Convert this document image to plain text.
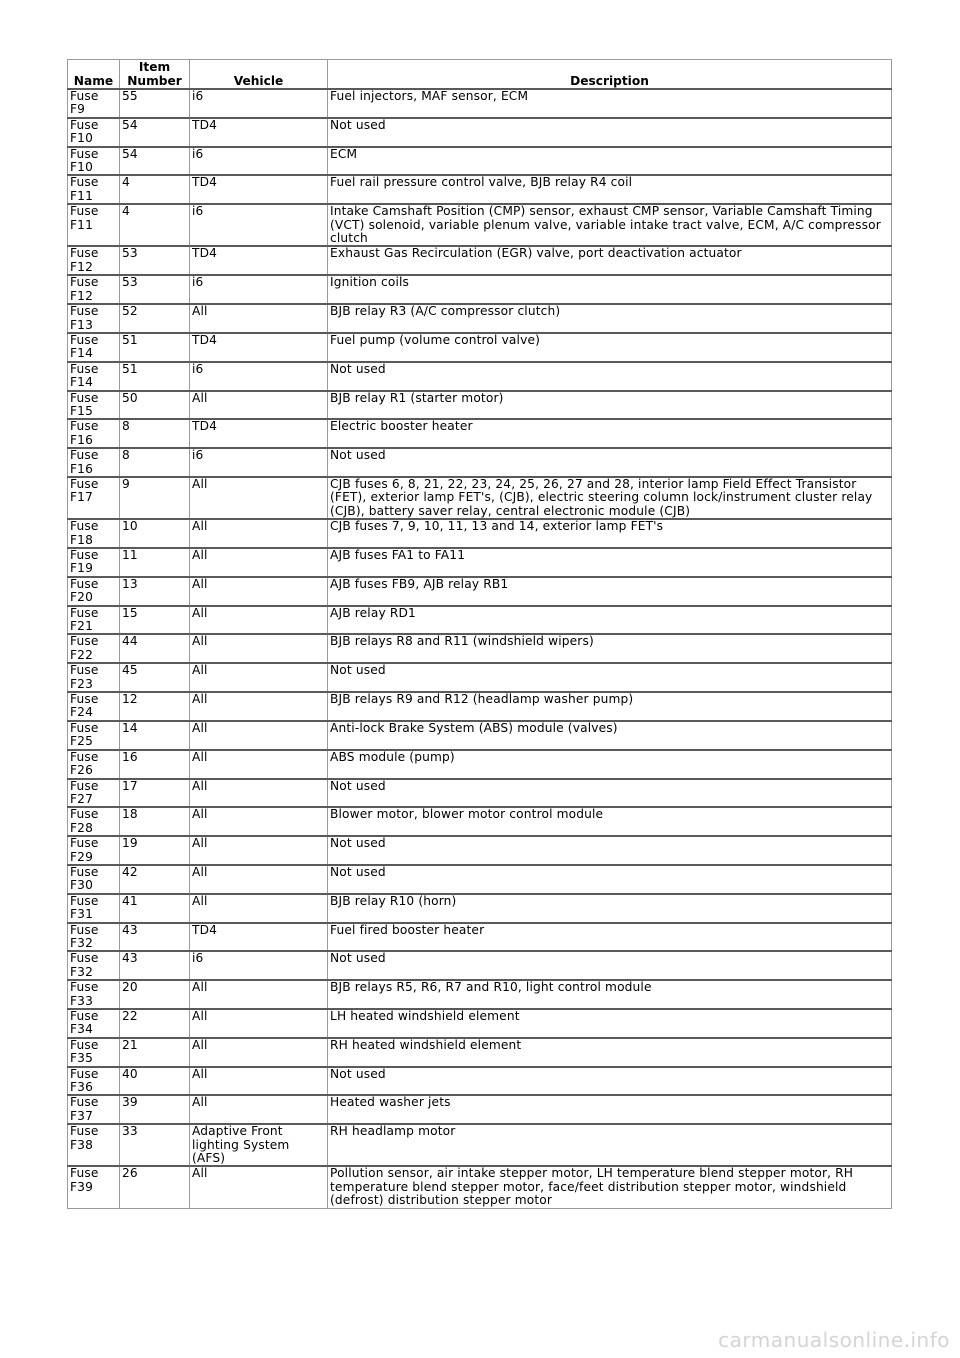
Name	Item Number	Vehicle	Description
Fuse F9	55	i6	Fuel injectors, MAF sensor, ECM
Fuse F10	54	TD4	Not used
Fuse F10	54	i6	ECM
Fuse F11	4	TD4	Fuel rail pressure control valve, BJB relay R4 coil
Fuse F11	4	i6	Intake Camshaft Position (CMP) sensor, exhaust CMP sensor, Variable Camshaft Timing (VCT) solenoid, variable plenum valve, variable intake tract valve, ECM, A/C compressor clutch
Fuse F12	53	TD4	Exhaust Gas Recirculation (EGR) valve, port deactivation actuator
Fuse F12	53	i6	Ignition coils
Fuse F13	52	All	BJB relay R3 (A/C compressor clutch)
Fuse F14	51	TD4	Fuel pump (volume control valve)
Fuse F14	51	i6	Not used
Fuse F15	50	All	BJB relay R1 (starter motor)
Fuse F16	8	TD4	Electric booster heater
Fuse F16	8	i6	Not used
Fuse F17	9	All	CJB fuses 6, 8, 21, 22, 23, 24, 25, 26, 27 and 28, interior lamp Field Effect Transistor (FET), exterior lamp FET's, (CJB), electric steering column lock/instrument cluster relay (CJB), battery saver relay, central electronic module (CJB)
Fuse F18	10	All	CJB fuses 7, 9, 10, 11, 13 and 14, exterior lamp FET's
Fuse F19	11	All	AJB fuses FA1 to FA11
Fuse F20	13	All	AJB fuses FB9, AJB relay RB1
Fuse F21	15	All	AJB relay RD1
Fuse F22	44	All	BJB relays R8 and R11 (windshield wipers)
Fuse F23	45	All	Not used
Fuse F24	12	All	BJB relays R9 and R12 (headlamp washer pump)
Fuse F25	14	All	Anti-lock Brake System (ABS) module (valves)
Fuse F26	16	All	ABS module (pump)
Fuse F27	17	All	Not used
Fuse F28	18	All	Blower motor, blower motor control module
Fuse F29	19	All	Not used
Fuse F30	42	All	Not used
Fuse F31	41	All	BJB relay R10 (horn)
Fuse F32	43	TD4	Fuel fired booster heater
Fuse F32	43	i6	Not used
Fuse F33	20	All	BJB relays R5, R6, R7 and R10, light control module
Fuse F34	22	All	LH heated windshield element
Fuse F35	21	All	RH heated windshield element
Fuse F36	40	All	Not used
Fuse F37	39	All	Heated washer jets
Fuse F38	33	Adaptive Front lighting System (AFS)	RH headlamp motor
Fuse F39	26	All	Pollution sensor, air intake stepper motor, LH temperature blend stepper motor, RH temperature blend stepper motor, face/feet distribution stepper motor, windshield (defrost) distribution stepper motor
carmanualsonline.info
